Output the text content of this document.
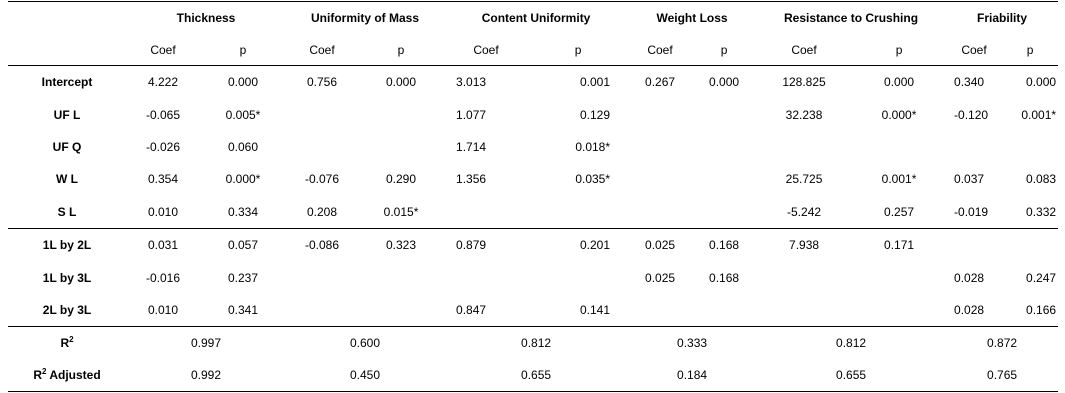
	Thickness		Uniformity of Mass		Content Uniformity		Weight Loss		Resistance to Crushing		Friability	
	Coef	p	Coef	p	Coef	p	Coef	p	Coef	p	Coef	p
Intercept	4.222	0.000	0.756	0.000	3.013	0.001	0.267	0.000	128.825	0.000	0.340	0.000
UF L	-0.065	0.005*			1.077	0.129			32.238	0.000*	-0.120	0.001*
UF Q	-0.026	0.060			1.714	0.018*						
W L	0.354	0.000*	-0.076	0.290	1.356	0.035*			25.725	0.001*	0.037	0.083
S L	0.010	0.334	0.208	0.015*					-5.242	0.257	-0.019	0.332
1L by 2L	0.031	0.057	-0.086	0.323	0.879	0.201	0.025	0.168	7.938	0.171		
1L by 3L	-0.016	0.237					0.025	0.168			0.028	0.247
2L by 3L	0.010	0.341			0.847	0.141					0.028	0.166
$R^2$	0.997		0.600		0.812		0.333		0.812		0.872	
$R^2$ Adjusted	0.992		0.450		0.655		0.184		0.655		0.765	
